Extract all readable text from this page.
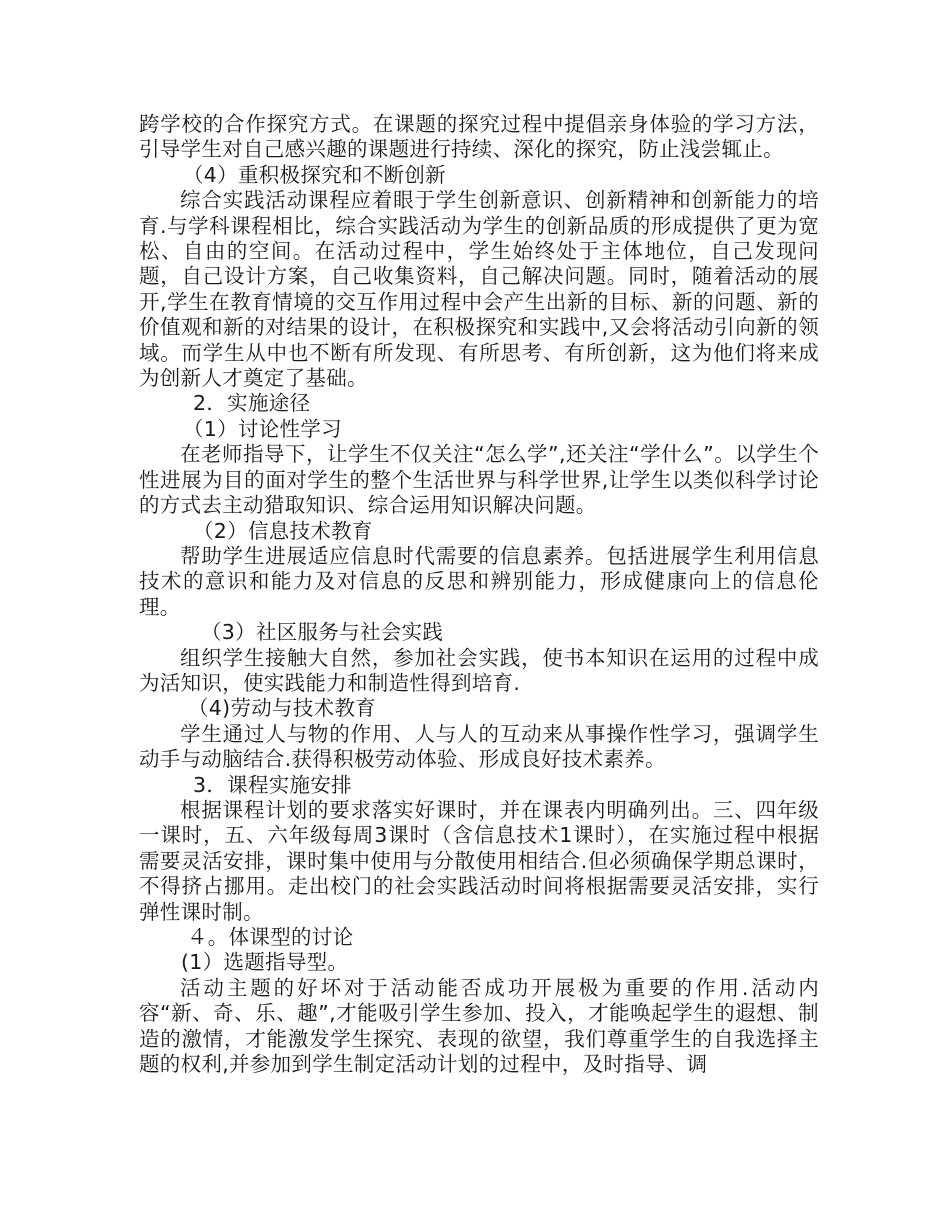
跨学校的合作探究方式。在课题的探究过程中提倡亲身体验的学习方法，引导学生对自己感兴趣的课题进行持续、深化的探究，防止浅尝辄止。

（4）重积极探究和不断创新

综合实践活动课程应着眼于学生创新意识、创新精神和创新能力的培育.与学科课程相比，综合实践活动为学生的创新品质的形成提供了更为宽松、自由的空间。在活动过程中，学生始终处于主体地位，自己发现问题，自己设计方案，自己收集资料，自己解决问题。同时，随着活动的展开,学生在教育情境的交互作用过程中会产生出新的目标、新的问题、新的价值观和新的对结果的设计，在积极探究和实践中,又会将活动引向新的领域。而学生从中也不断有所发现、有所思考、有所创新，这为他们将来成为创新人才奠定了基础。

2．实施途径

（1）讨论性学习

在老师指导下，让学生不仅关注“怎么学”,还关注“学什么”。以学生个性进展为目的面对学生的整个生活世界与科学世界,让学生以类似科学讨论的方式去主动猎取知识、综合运用知识解决问题。

（2）信息技术教育

帮助学生进展适应信息时代需要的信息素养。包括进展学生利用信息技术的意识和能力及对信息的反思和辨别能力，形成健康向上的信息伦理。

（3）社区服务与社会实践

组织学生接触大自然，参加社会实践，使书本知识在运用的过程中成为活知识，使实践能力和制造性得到培育.

（4)劳动与技术教育

学生通过人与物的作用、人与人的互动来从事操作性学习，强调学生动手与动脑结合.获得积极劳动体验、形成良好技术素养。

3．课程实施安排

根据课程计划的要求落实好课时，并在课表内明确列出。三、四年级一课时，五、六年级每周3课时（含信息技术1课时），在实施过程中根据需要灵活安排，课时集中使用与分散使用相结合.但必须确保学期总课时，不得挤占挪用。走出校门的社会实践活动时间将根据需要灵活安排，实行弹性课时制。

４。体课型的讨论

(1）选题指导型。

活动主题的好坏对于活动能否成功开展极为重要的作用.活动内容“新、奇、乐、趣”,才能吸引学生参加、投入，才能唤起学生的遐想、制造的激情，才能激发学生探究、表现的欲望，我们尊重学生的自我选择主题的权利,并参加到学生制定活动计划的过程中，及时指导、调
